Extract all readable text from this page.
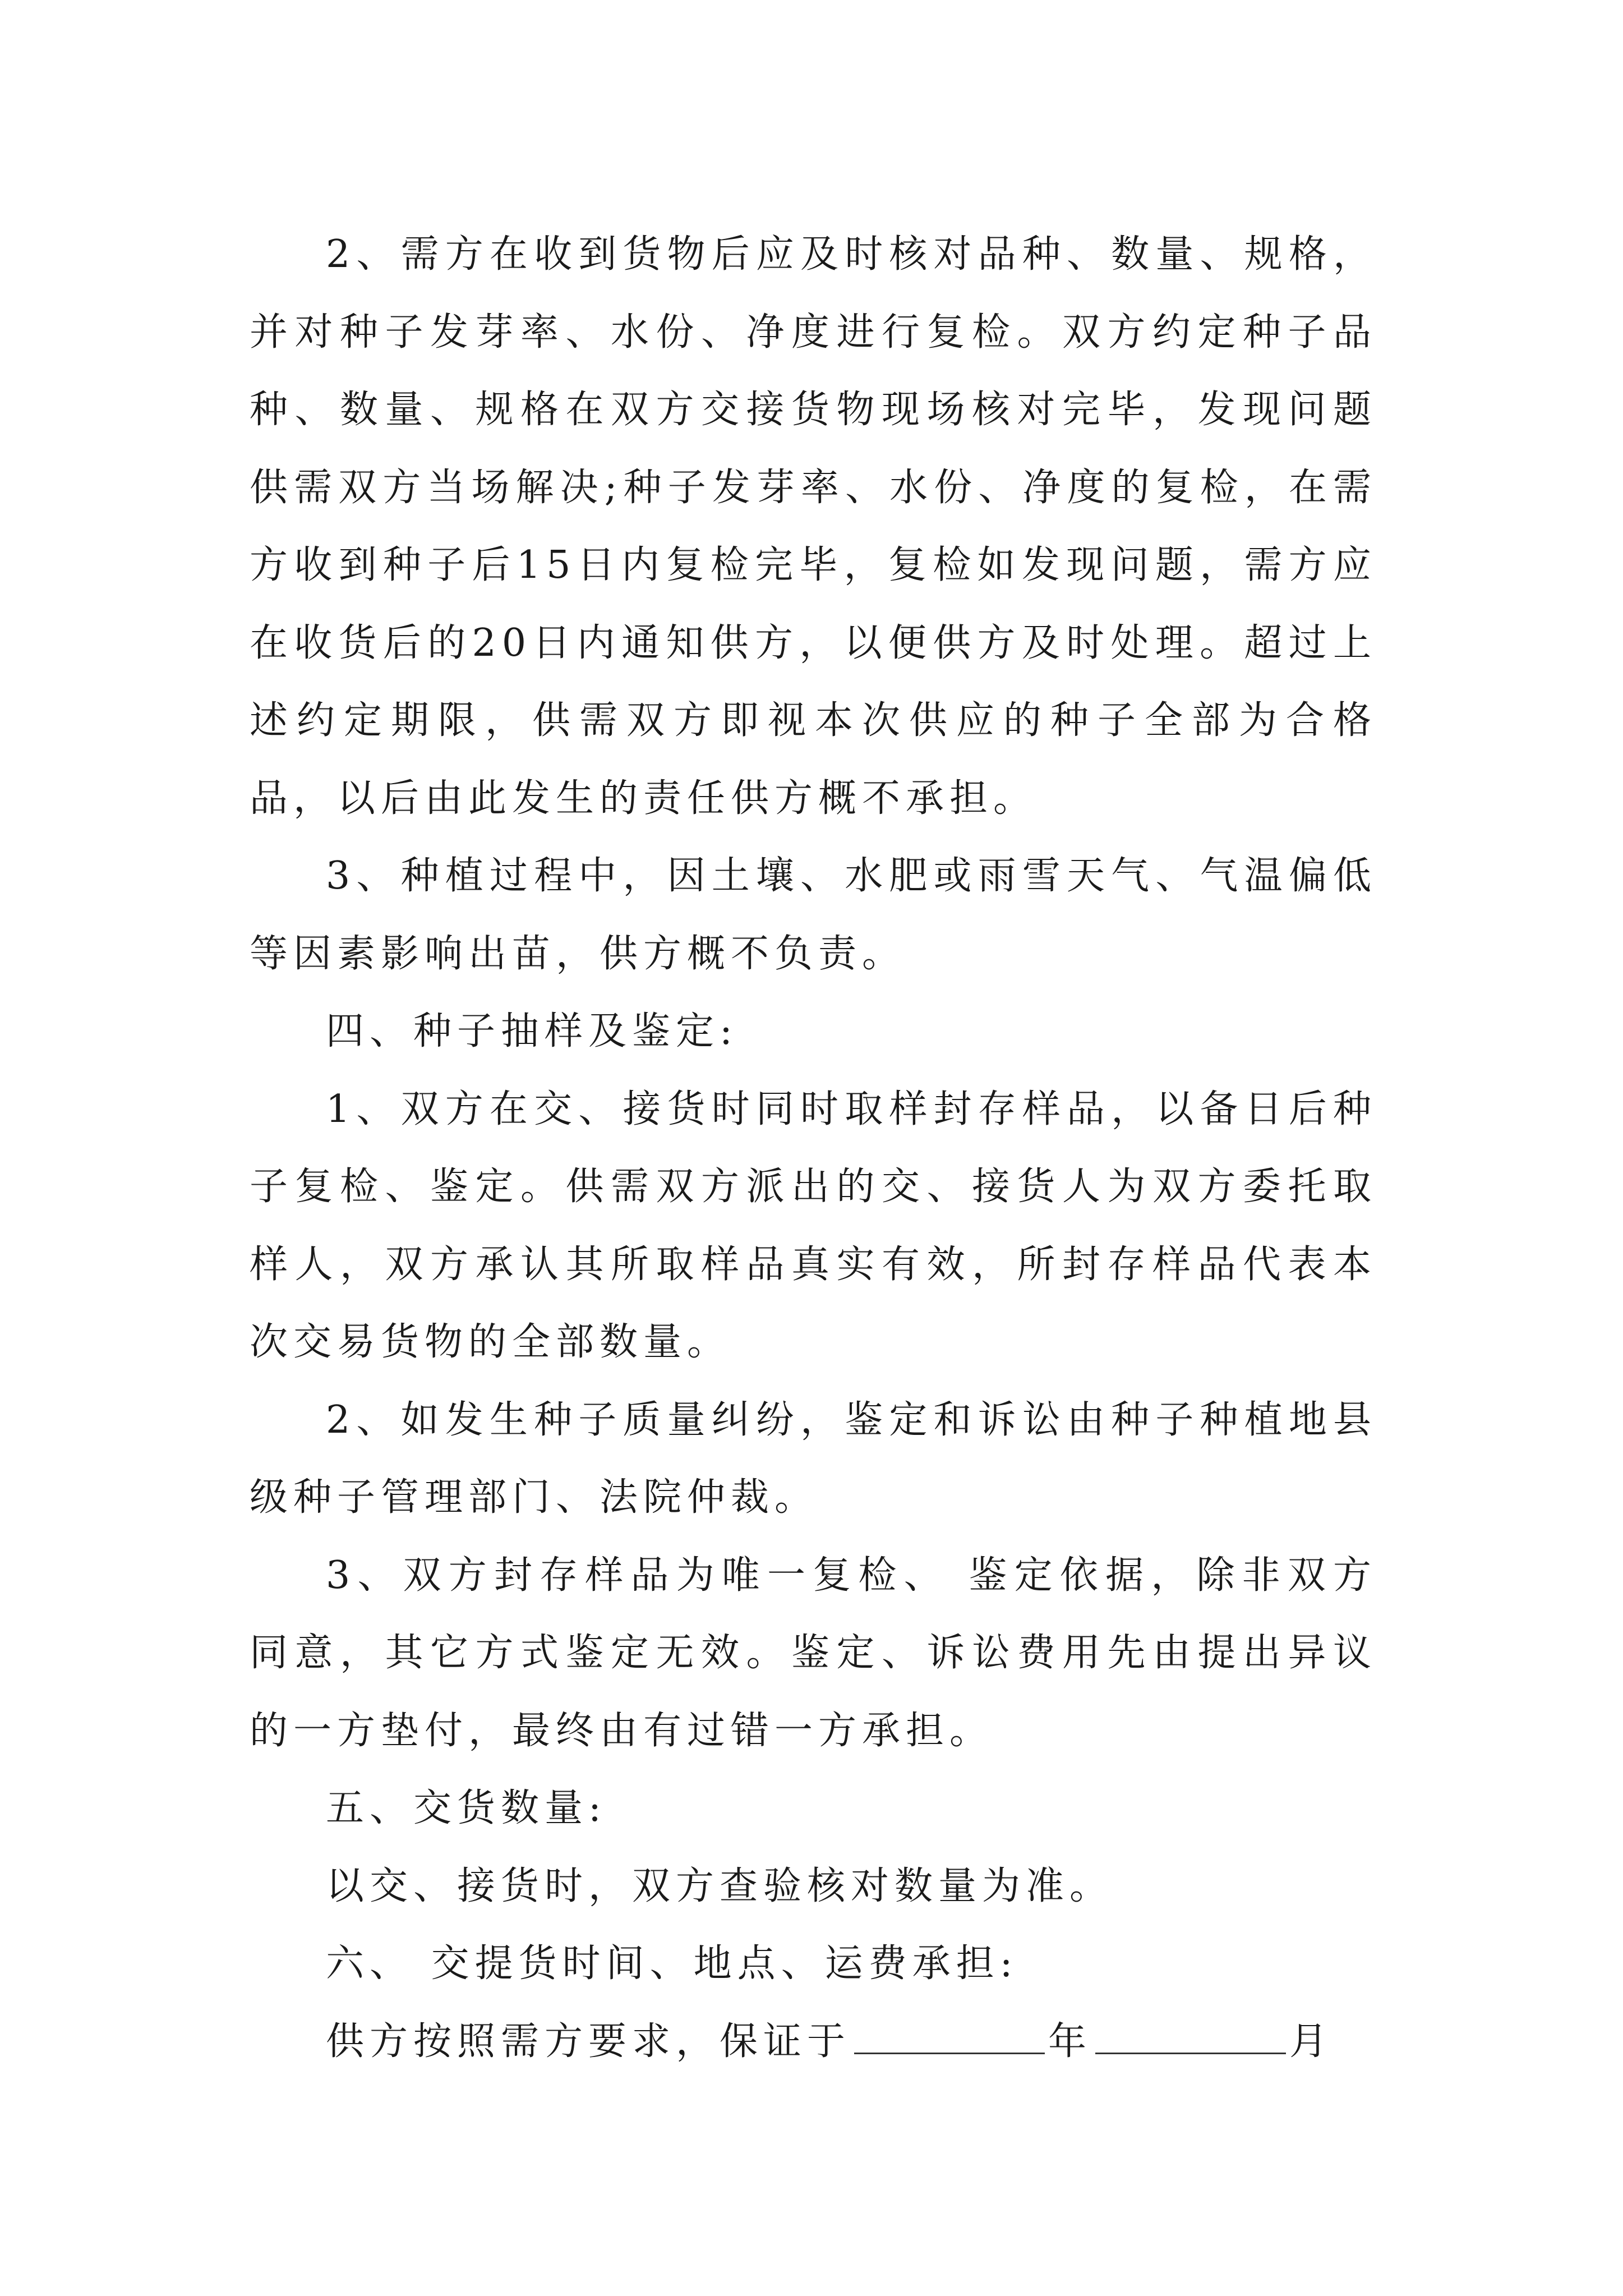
2、需方在收到货物后应及时核对品种、数量、规格，并对种子发芽率、水份、净度进行复检。双方约定种子品种、数量、规格在双方交接货物现场核对完毕，发现问题供需双方当场解决;种子发芽率、水份、净度的复检，在需方收到种子后15日内复检完毕，复检如发现问题，需方应在收货后的20日内通知供方，以便供方及时处理。超过上述约定期限，供需双方即视本次供应的种子全部为合格品，以后由此发生的责任供方概不承担。

3、种植过程中，因土壤、水肥或雨雪天气、气温偏低等因素影响出苗，供方概不负责。

四、种子抽样及鉴定:

1、双方在交、接货时同时取样封存样品，以备日后种子复检、鉴定。供需双方派出的交、接货人为双方委托取样人，双方承认其所取样品真实有效，所封存样品代表本次交易货物的全部数量。

2、如发生种子质量纠纷，鉴定和诉讼由种子种植地县级种子管理部门、法院仲裁。

3、双方封存样品为唯一复检、 鉴定依据，除非双方同意，其它方式鉴定无效。鉴定、诉讼费用先由提出异议的一方垫付，最终由有过错一方承担。

五、交货数量:

以交、接货时，双方查验核对数量为准。

六、 交提货时间、地点、运费承担:

供方按照需方要求，保证于	年	月
